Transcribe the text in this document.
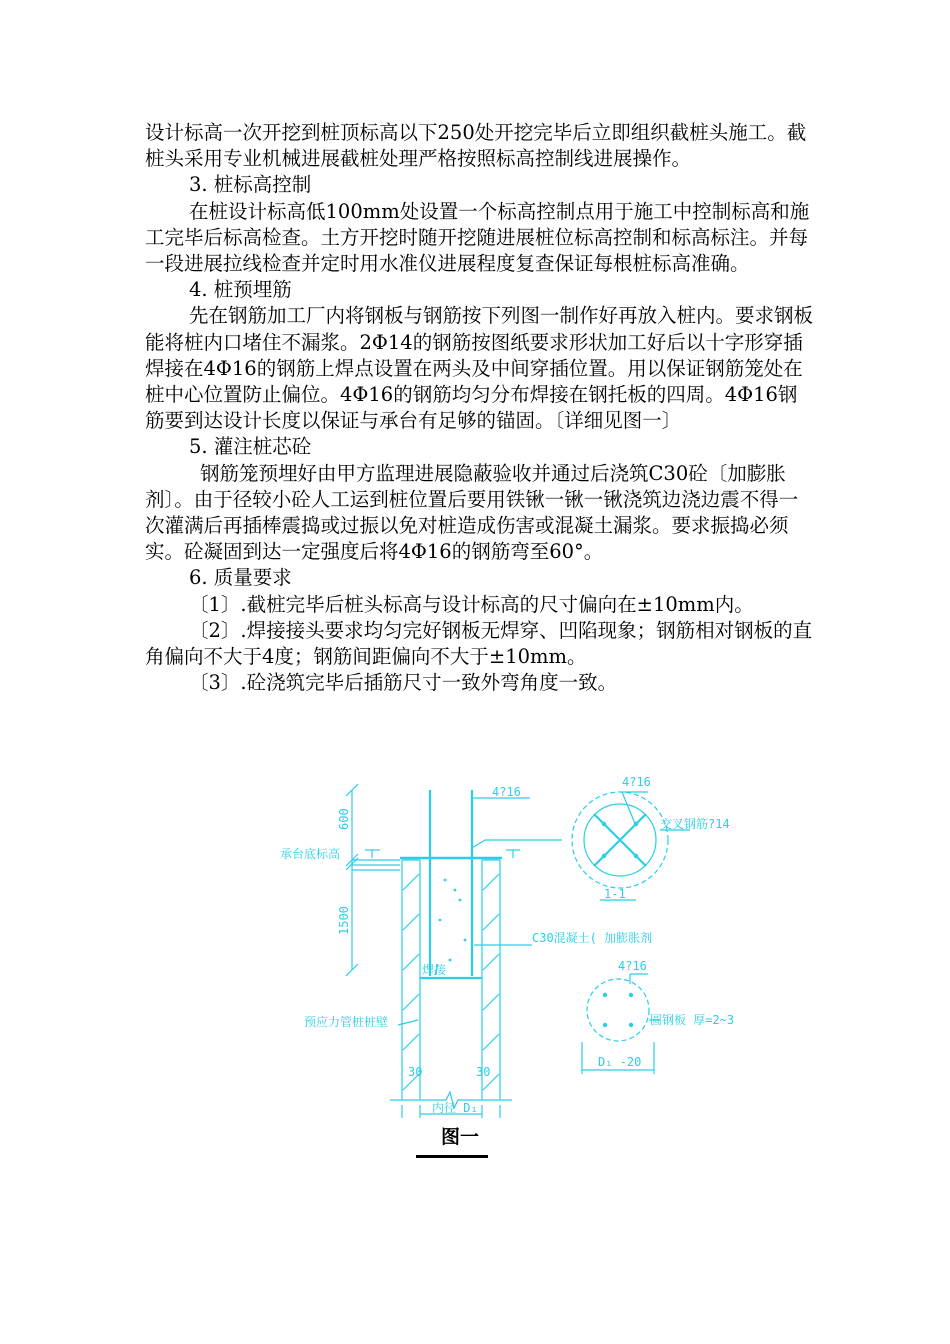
设计标高一次开挖到桩顶标高以下250处开挖完毕后立即组织截桩头施工。截桩头采用专业机械进展截桩处理严格按照标高控制线进展操作。

3. 桩标高控制

在桩设计标高低100mm处设置一个标高控制点用于施工中控制标高和施工完毕后标高检查。土方开挖时随开挖随进展桩位标高控制和标高标注。并每一段进展拉线检查并定时用水准仪进展程度复查保证每根桩标高准确。

4. 桩预埋筋

先在钢筋加工厂内将钢板与钢筋按下列图一制作好再放入桩内。要求钢板能将桩内口堵住不漏浆。2Φ14的钢筋按图纸要求形状加工好后以十字形穿插焊接在4Φ16的钢筋上焊点设置在两头及中间穿插位置。用以保证钢筋笼处在桩中心位置防止偏位。4Φ16的钢筋均匀分布焊接在钢托板的四周。4Φ16钢筋要到达设计长度以保证与承台有足够的锚固。〔详细见图一〕

5. 灌注桩芯砼

钢筋笼预埋好由甲方监理进展隐蔽验收并通过后浇筑C30砼〔加膨胀剂〕。由于径较小砼人工运到桩位置后要用铁锹一锹一锹浇筑边浇边震不得一次灌满后再插棒震捣或过振以免对桩造成伤害或混凝土漏浆。要求振捣必须实。砼凝固到达一定强度后将4Φ16的钢筋弯至60°。

6. 质量要求

〔1〕.截桩完毕后桩头标高与设计标高的尺寸偏向在±10mm内。

〔2〕.焊接接头要求均匀完好钢板无焊穿、凹陷现象；钢筋相对钢板的直角偏向不大于4度；钢筋间距偏向不大于±10mm。

〔3〕.砼浇筑完毕后插筋尺寸一致外弯角度一致。

4?16
600
1500
承台底标高
焊接
预应力管桩桩壁
30	30
内径 D₁
4?16
交叉钢筋?14
1-1
C30混凝土( 加膨胀剂
4?16
圆钢板 厚=2~3
D₁ -20
图一
